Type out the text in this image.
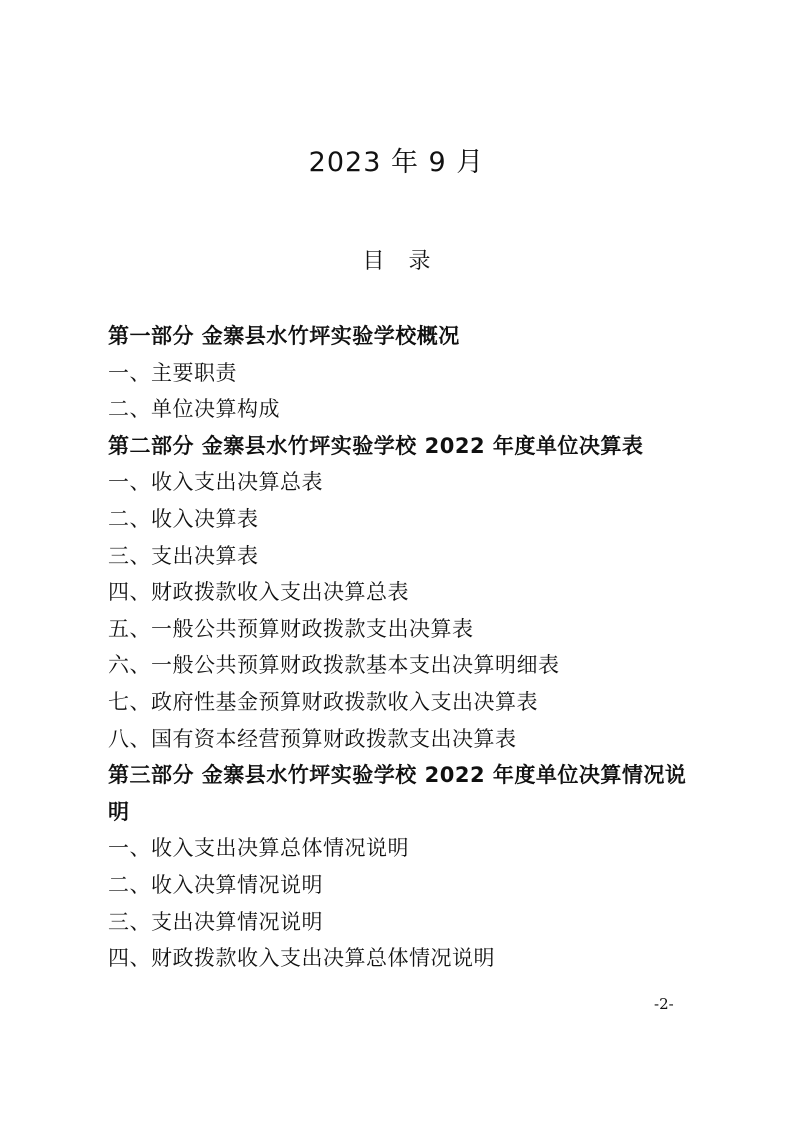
2023 年 9 月
目 录
第一部分 金寨县水竹坪实验学校概况
一、主要职责
二、单位决算构成
第二部分 金寨县水竹坪实验学校 2022 年度单位决算表
一、收入支出决算总表
二、收入决算表
三、支出决算表
四、财政拨款收入支出决算总表
五、一般公共预算财政拨款支出决算表
六、一般公共预算财政拨款基本支出决算明细表
七、政府性基金预算财政拨款收入支出决算表
八、国有资本经营预算财政拨款支出决算表
第三部分 金寨县水竹坪实验学校 2022 年度单位决算情况说明
一、收入支出决算总体情况说明
二、收入决算情况说明
三、支出决算情况说明
四、财政拨款收入支出决算总体情况说明
-2-
